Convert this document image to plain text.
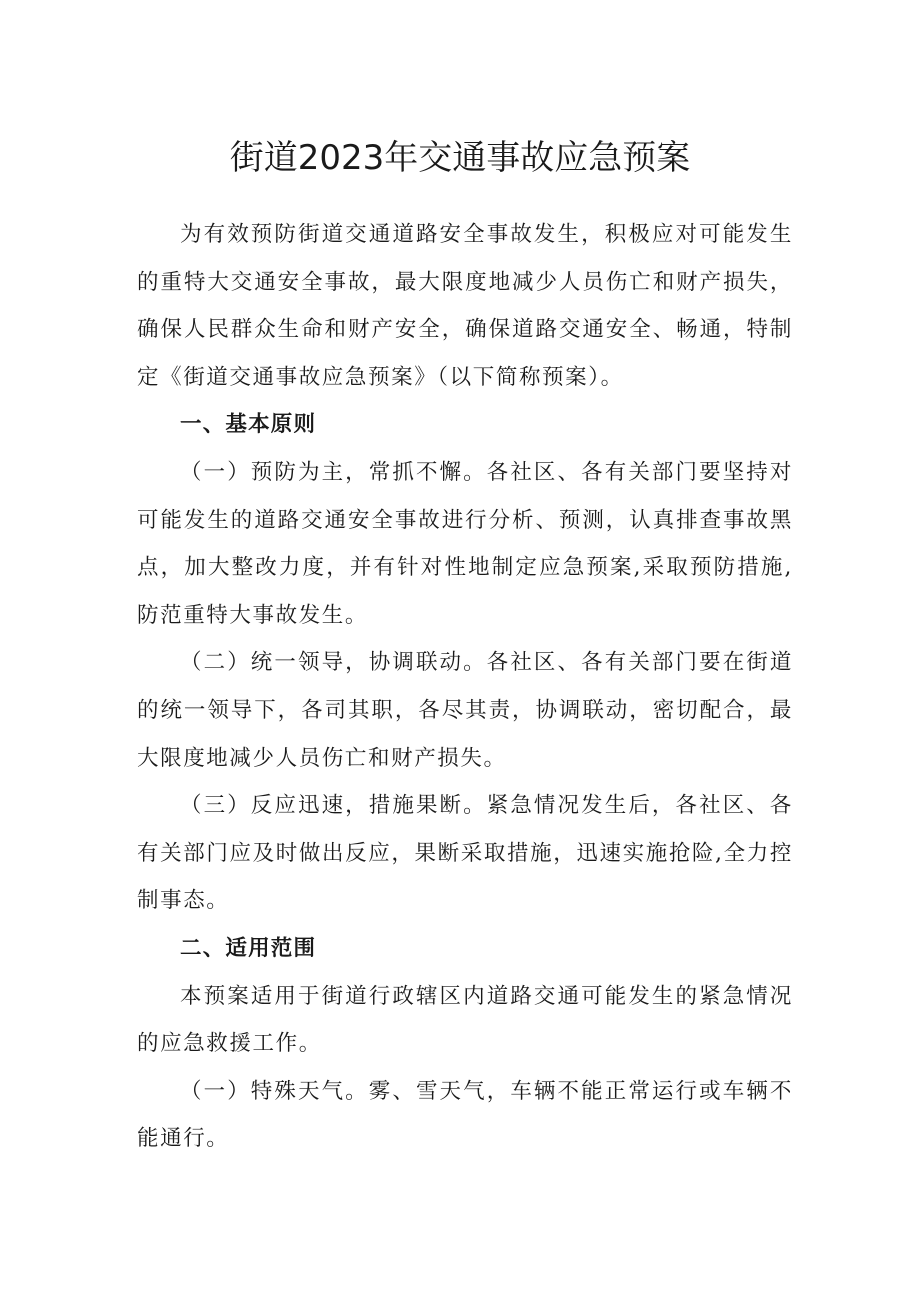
街道2023年交通事故应急预案

为有效预防街道交通道路安全事故发生，积极应对可能发生的重特大交通安全事故，最大限度地减少人员伤亡和财产损失，确保人民群众生命和财产安全，确保道路交通安全、畅通，特制定《街道交通事故应急预案》（以下简称预案）。

一、基本原则

（一）预防为主，常抓不懈。各社区、各有关部门要坚持对可能发生的道路交通安全事故进行分析、预测，认真排查事故黑点，加大整改力度，并有针对性地制定应急预案,采取预防措施,防范重特大事故发生。

（二）统一领导，协调联动。各社区、各有关部门要在街道的统一领导下，各司其职，各尽其责，协调联动，密切配合，最大限度地减少人员伤亡和财产损失。

（三）反应迅速，措施果断。紧急情况发生后，各社区、各有关部门应及时做出反应，果断采取措施，迅速实施抢险,全力控制事态。

二、适用范围

本预案适用于街道行政辖区内道路交通可能发生的紧急情况的应急救援工作。

（一）特殊天气。雾、雪天气，车辆不能正常运行或车辆不能通行。
